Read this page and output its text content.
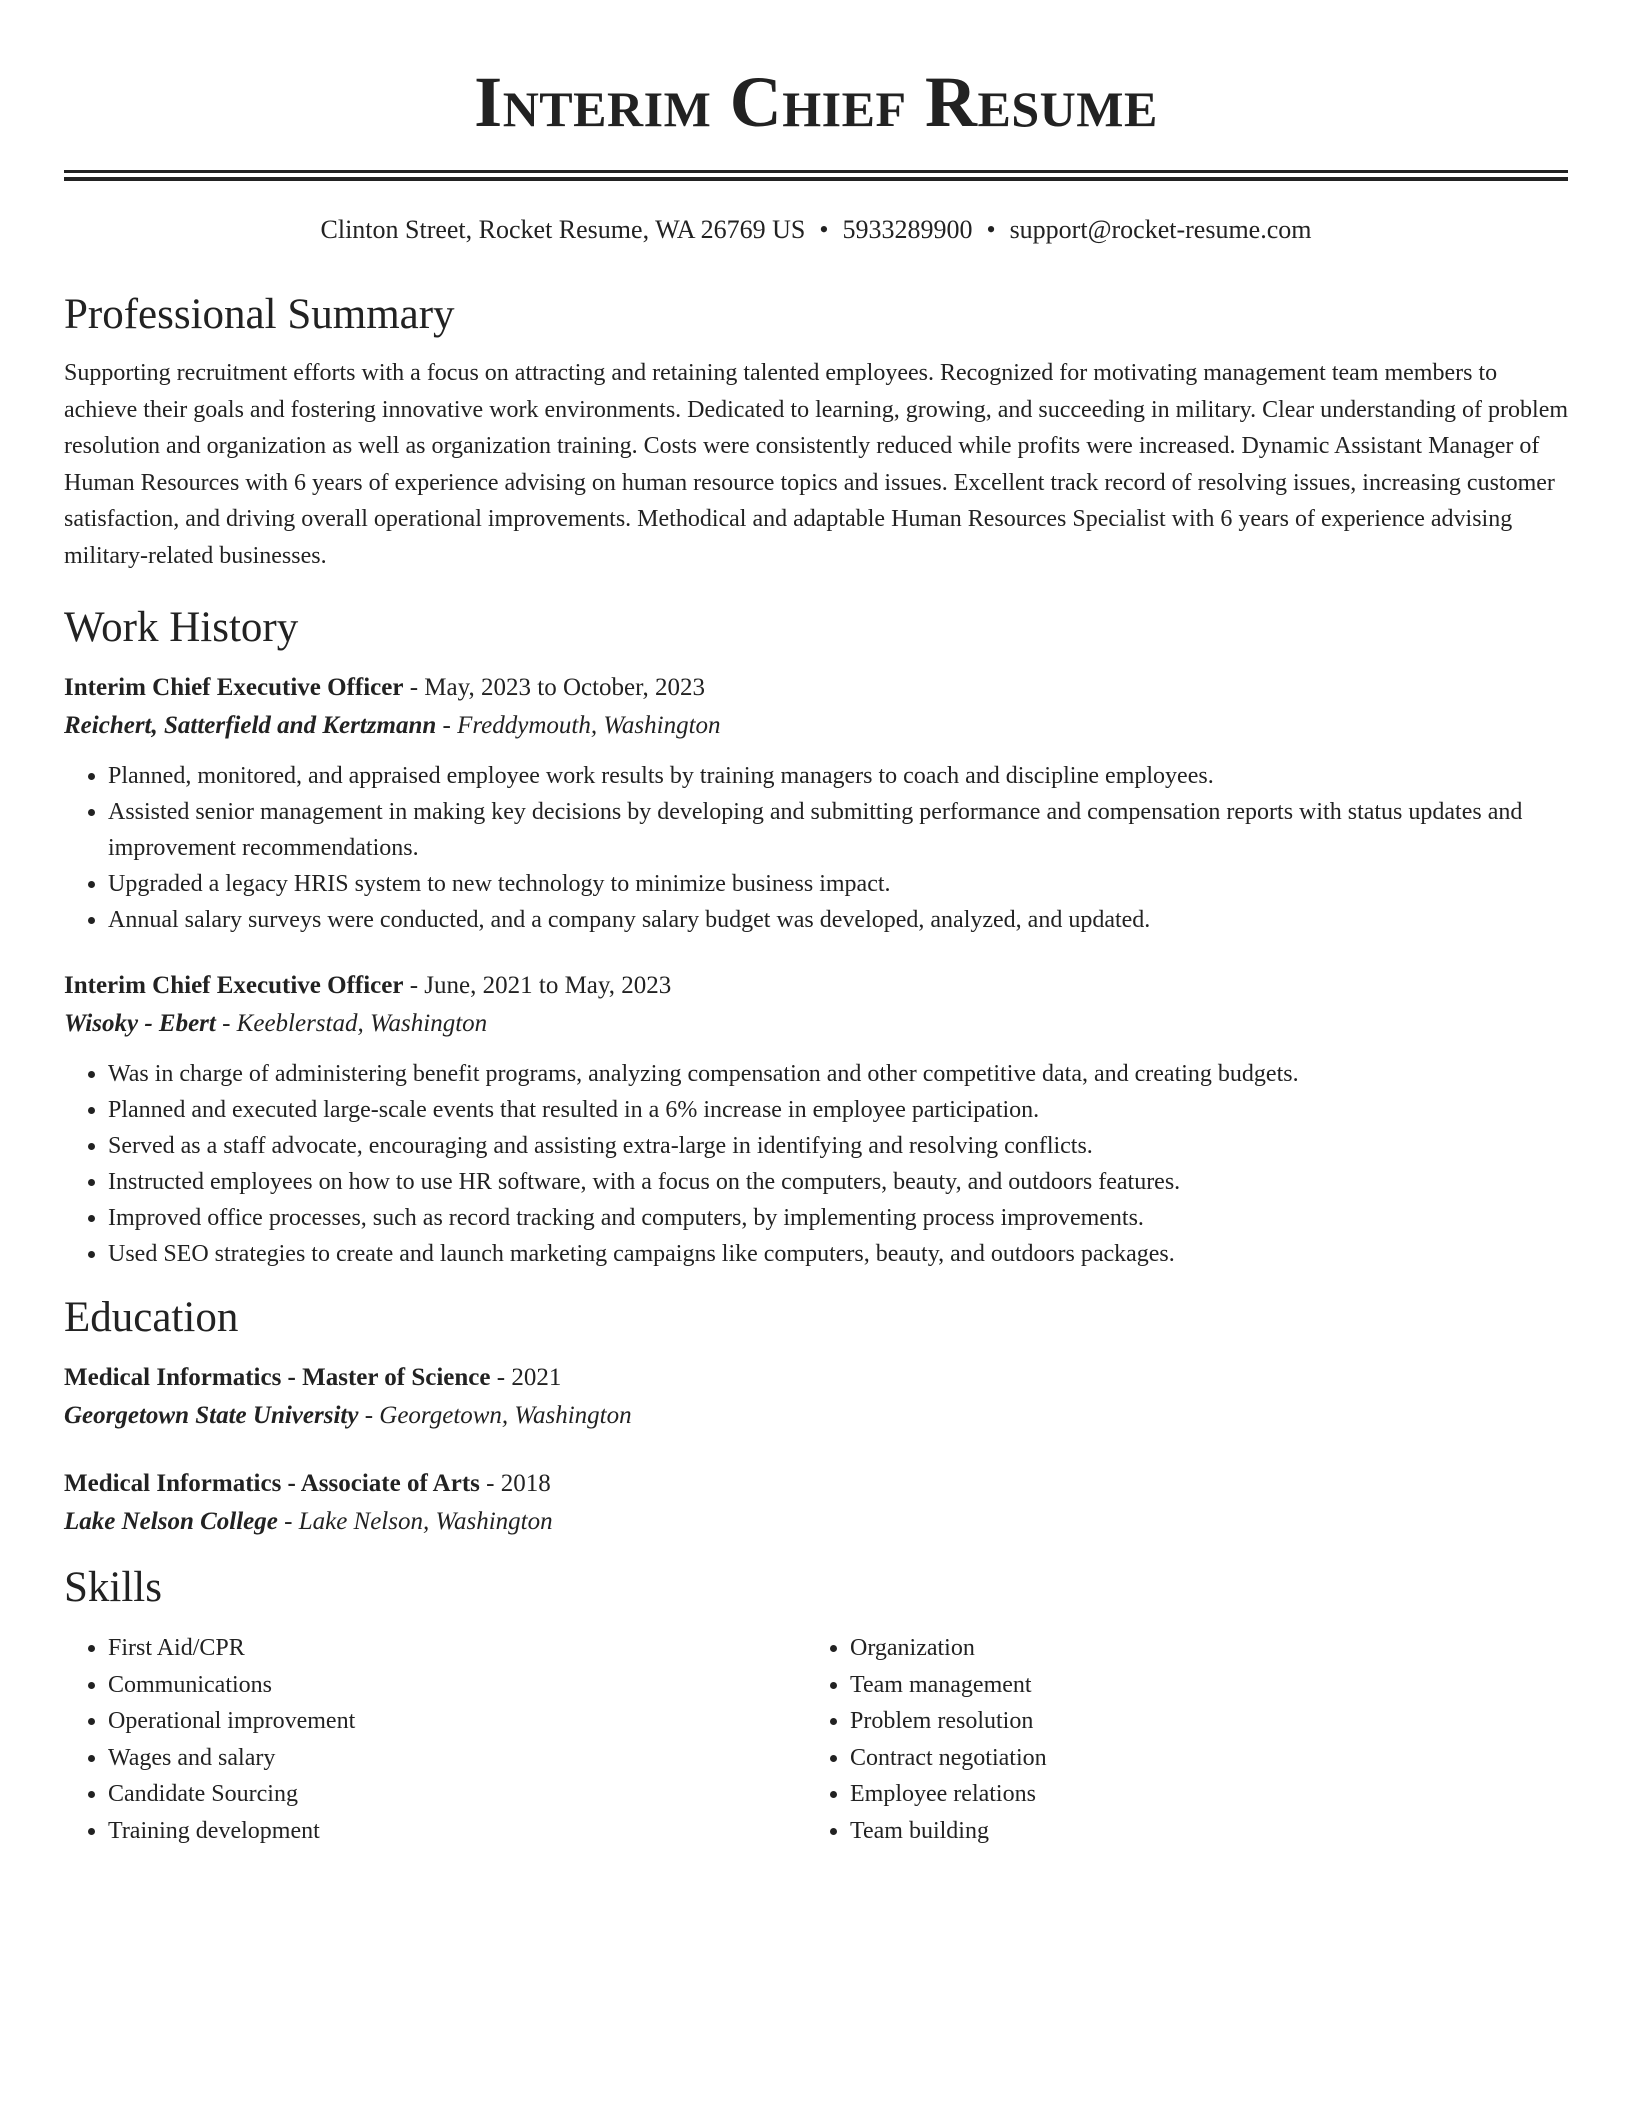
Interim Chief Resume
Clinton Street, Rocket Resume, WA 26769 US • 5933289900 • support@rocket-resume.com
Professional Summary

Supporting recruitment efforts with a focus on attracting and retaining talented employees. Recognized for motivating management team members to achieve their goals and fostering innovative work environments. Dedicated to learning, growing, and succeeding in military. Clear understanding of problem resolution and organization as well as organization training. Costs were consistently reduced while profits were increased. Dynamic Assistant Manager of Human Resources with 6 years of experience advising on human resource topics and issues. Excellent track record of resolving issues, increasing customer satisfaction, and driving overall operational improvements. Methodical and adaptable Human Resources Specialist with 6 years of experience advising military-related businesses.

Work History
Interim Chief Executive Officer - May, 2023 to October, 2023
Reichert, Satterfield and Kertzmann - Freddymouth, Washington
• Planned, monitored, and appraised employee work results by training managers to coach and discipline employees.
• Assisted senior management in making key decisions by developing and submitting performance and compensation reports with status updates and improvement recommendations.
• Upgraded a legacy HRIS system to new technology to minimize business impact.
• Annual salary surveys were conducted, and a company salary budget was developed, analyzed, and updated.
Interim Chief Executive Officer - June, 2021 to May, 2023
Wisoky - Ebert - Keeblerstad, Washington
• Was in charge of administering benefit programs, analyzing compensation and other competitive data, and creating budgets.
• Planned and executed large-scale events that resulted in a 6% increase in employee participation.
• Served as a staff advocate, encouraging and assisting extra-large in identifying and resolving conflicts.
• Instructed employees on how to use HR software, with a focus on the computers, beauty, and outdoors features.
• Improved office processes, such as record tracking and computers, by implementing process improvements.
• Used SEO strategies to create and launch marketing campaigns like computers, beauty, and outdoors packages.
Education
Medical Informatics - Master of Science - 2021
Georgetown State University - Georgetown, Washington
Medical Informatics - Associate of Arts - 2018
Lake Nelson College - Lake Nelson, Washington
Skills
• First Aid/CPR
• Communications
• Operational improvement
• Wages and salary
• Candidate Sourcing
• Training development
• Organization
• Team management
• Problem resolution
• Contract negotiation
• Employee relations
• Team building
